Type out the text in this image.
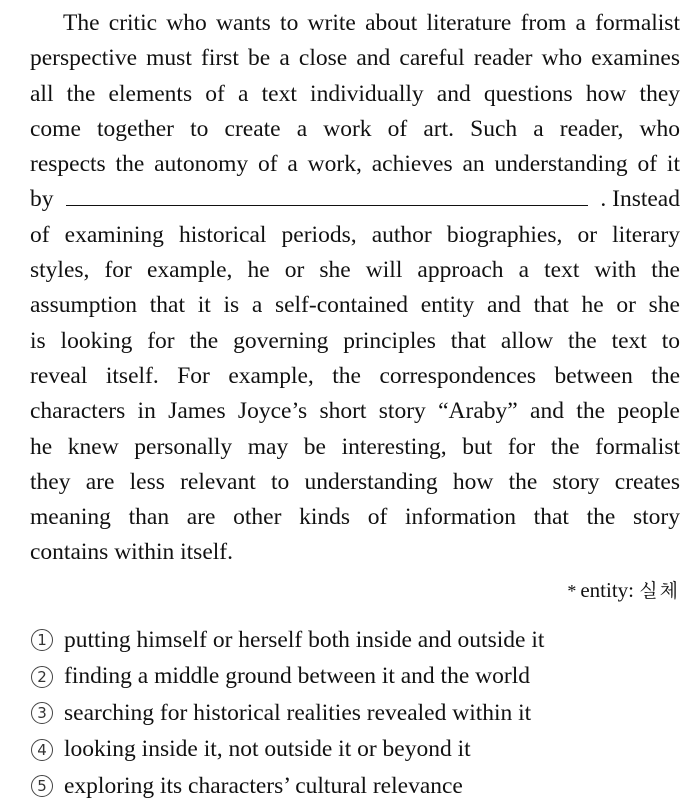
The critic who wants to write about literature from a formalist
perspective must first be a close and careful reader who examines
all the elements of a text individually and questions how they
come together to create a work of art. Such a reader, who
respects the autonomy of a work, achieves an understanding of it
by	. Instead
of examining historical periods, author biographies, or literary
styles, for example, he or she will approach a text with the
assumption that it is a self-contained entity and that he or she
is looking for the governing principles that allow the text to
reveal itself. For example, the correspondences between the
characters in James Joyce’s short story “Araby” and the people
he knew personally may be interesting, but for the formalist
they are less relevant to understanding how the story creates
meaning than are other kinds of information that the story
contains within itself.
* entity: 실체
1 putting himself or herself both inside and outside it
2 finding a middle ground between it and the world
3 searching for historical realities revealed within it
4 looking inside it, not outside it or beyond it
5 exploring its characters’ cultural relevance
